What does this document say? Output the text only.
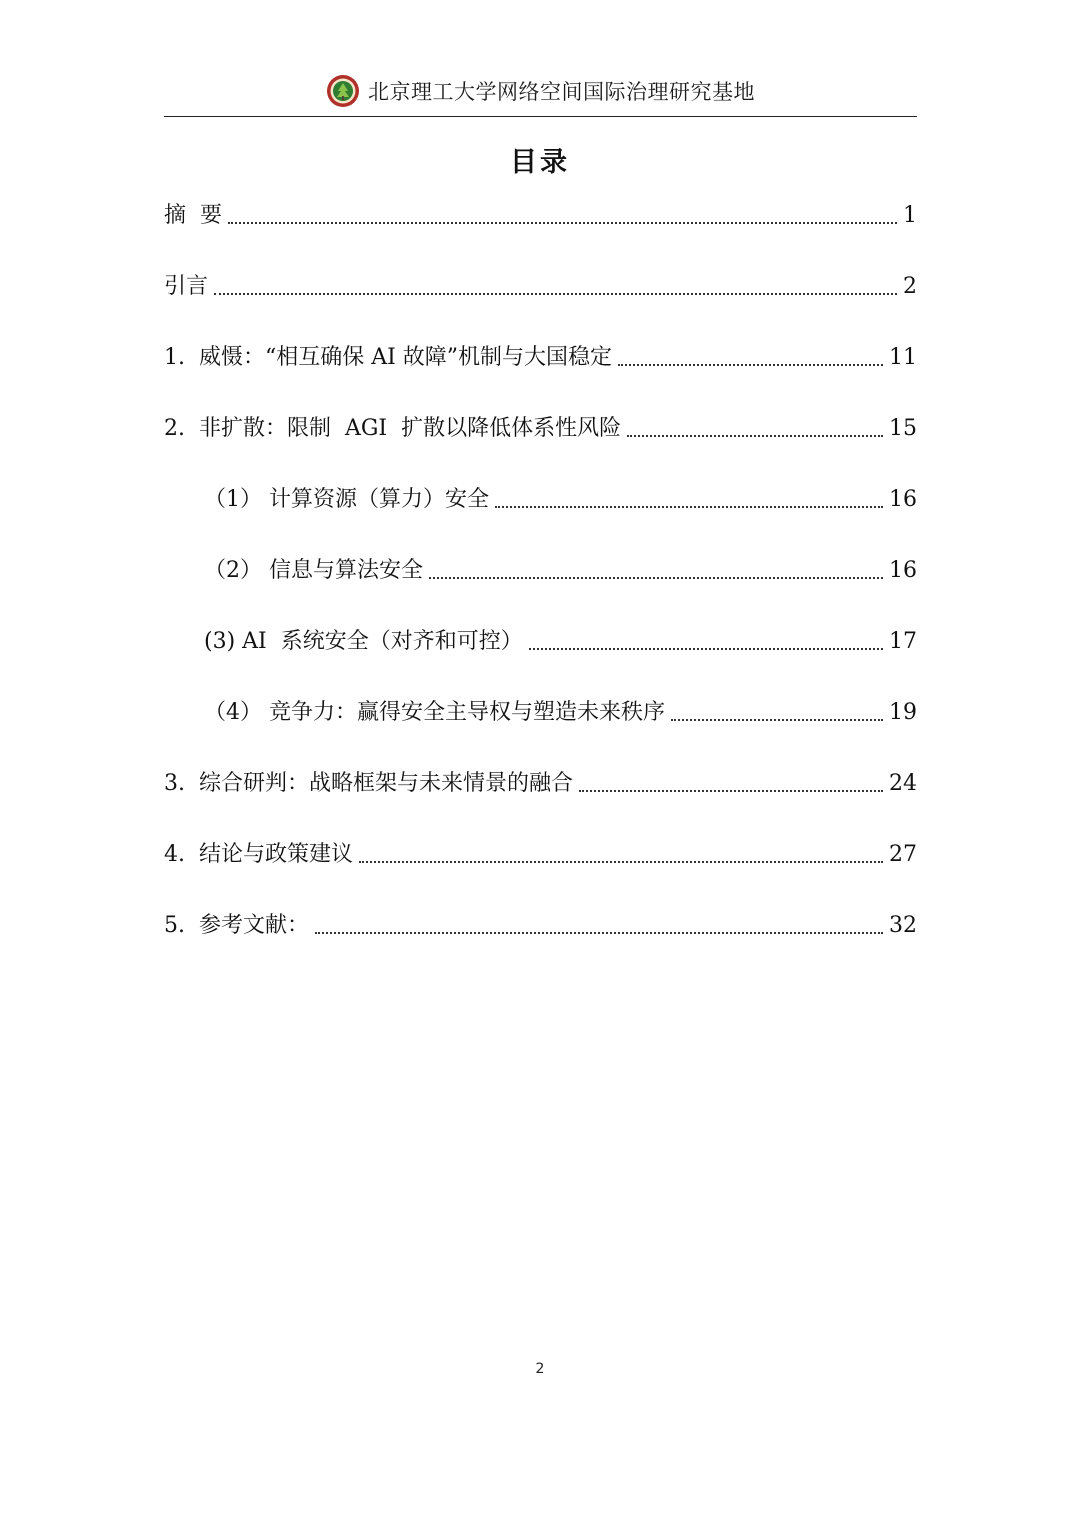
北京理工大学网络空间国际治理研究基地
目录
摘  要	1
引言	2
1.  威慑：“相互确保 AI 故障”机制与大国稳定	11
2.  非扩散：限制  AGI  扩散以降低体系性风险	15
（1） 计算资源（算力）安全	16
（2） 信息与算法安全	16
(3) AI  系统安全（对齐和可控）	17
（4） 竞争力：赢得安全主导权与塑造未来秩序	19
3.  综合研判：战略框架与未来情景的融合	24
4.  结论与政策建议	27
5.  参考文献：	32
2
